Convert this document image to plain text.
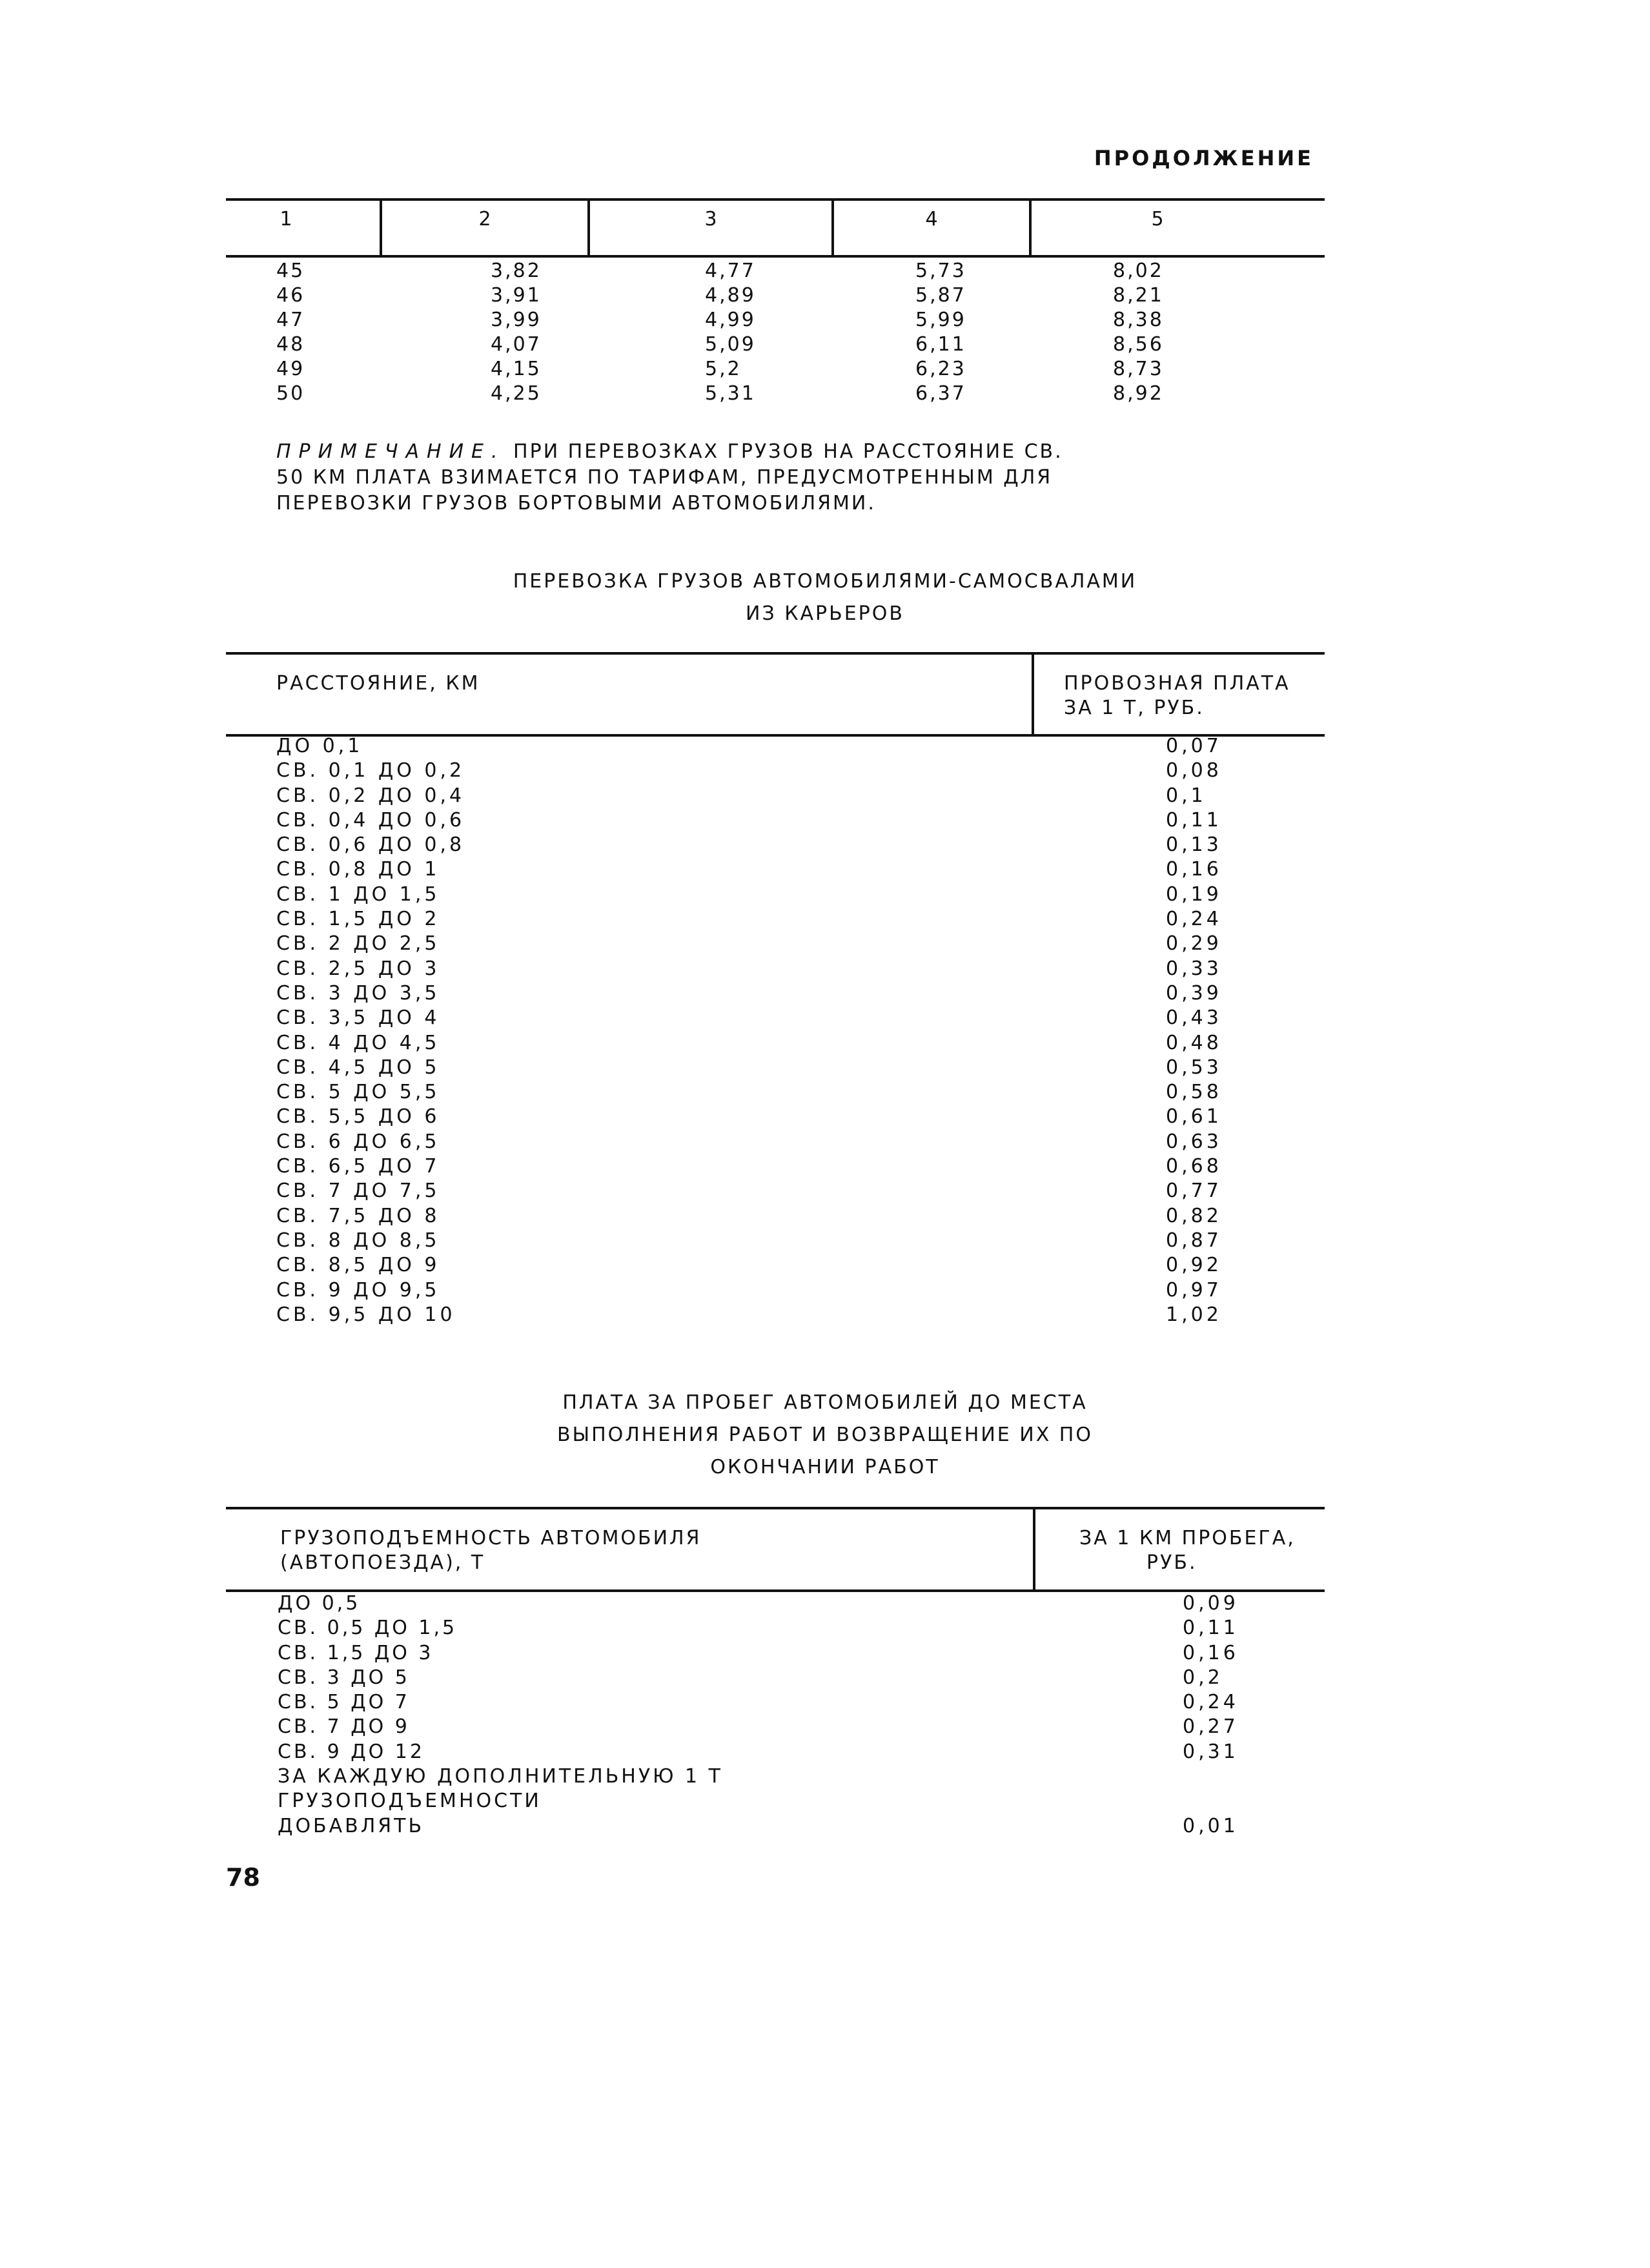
ПРОДОЛЖЕНИЕ
1	2	3	4	5
45	3,82	4,77	5,73	8,02
46	3,91	4,89	5,87	8,21
47	3,99	4,99	5,99	8,38
48	4,07	5,09	6,11	8,56
49	4,15	5,2	6,23	8,73
50	4,25	5,31	6,37	8,92
ПРИМЕЧАНИЕ. ПРИ ПЕРЕВОЗКАХ ГРУЗОВ НА РАССТОЯНИЕ СВ.
50 КМ ПЛАТА ВЗИМАЕТСЯ ПО ТАРИФАМ, ПРЕДУСМОТРЕННЫМ ДЛЯ
ПЕРЕВОЗКИ ГРУЗОВ БОРТОВЫМИ АВТОМОБИЛЯМИ.
ПЕРЕВОЗКА ГРУЗОВ АВТОМОБИЛЯМИ-САМОСВАЛАМИ
ИЗ КАРЬЕРОВ
РАССТОЯНИЕ, КМ	ПРОВОЗНАЯ ПЛАТА
ЗА 1 Т, РУБ.
ДО 0,1	0,07
СВ. 0,1 ДО 0,2	0,08
СВ. 0,2 ДО 0,4	0,1
СВ. 0,4 ДО 0,6	0,11
СВ. 0,6 ДО 0,8	0,13
СВ. 0,8 ДО 1	0,16
СВ. 1 ДО 1,5	0,19
СВ. 1,5 ДО 2	0,24
СВ. 2 ДО 2,5	0,29
СВ. 2,5 ДО 3	0,33
СВ. 3 ДО 3,5	0,39
СВ. 3,5 ДО 4	0,43
СВ. 4 ДО 4,5	0,48
СВ. 4,5 ДО 5	0,53
СВ. 5 ДО 5,5	0,58
СВ. 5,5 ДО 6	0,61
СВ. 6 ДО 6,5	0,63
СВ. 6,5 ДО 7	0,68
СВ. 7 ДО 7,5	0,77
СВ. 7,5 ДО 8	0,82
СВ. 8 ДО 8,5	0,87
СВ. 8,5 ДО 9	0,92
СВ. 9 ДО 9,5	0,97
СВ. 9,5 ДО 10	1,02
ПЛАТА ЗА ПРОБЕГ АВТОМОБИЛЕЙ ДО МЕСТА
ВЫПОЛНЕНИЯ РАБОТ И ВОЗВРАЩЕНИЕ ИХ ПО
ОКОНЧАНИИ РАБОТ
ГРУЗОПОДЪЕМНОСТЬ АВТОМОБИЛЯ
(АВТОПОЕЗДА), Т
ЗА 1 КМ ПРОБЕГА,
РУБ.
ДО 0,5	0,09
СВ. 0,5 ДО 1,5	0,11
СВ. 1,5 ДО 3	0,16
СВ. 3 ДО 5	0,2
СВ. 5 ДО 7	0,24
СВ. 7 ДО 9	0,27
СВ. 9 ДО 12	0,31
ЗА КАЖДУЮ ДОПОЛНИТЕЛЬНУЮ 1 Т
ГРУЗОПОДЪЕМНОСТИ
ДОБАВЛЯТЬ	0,01
78
